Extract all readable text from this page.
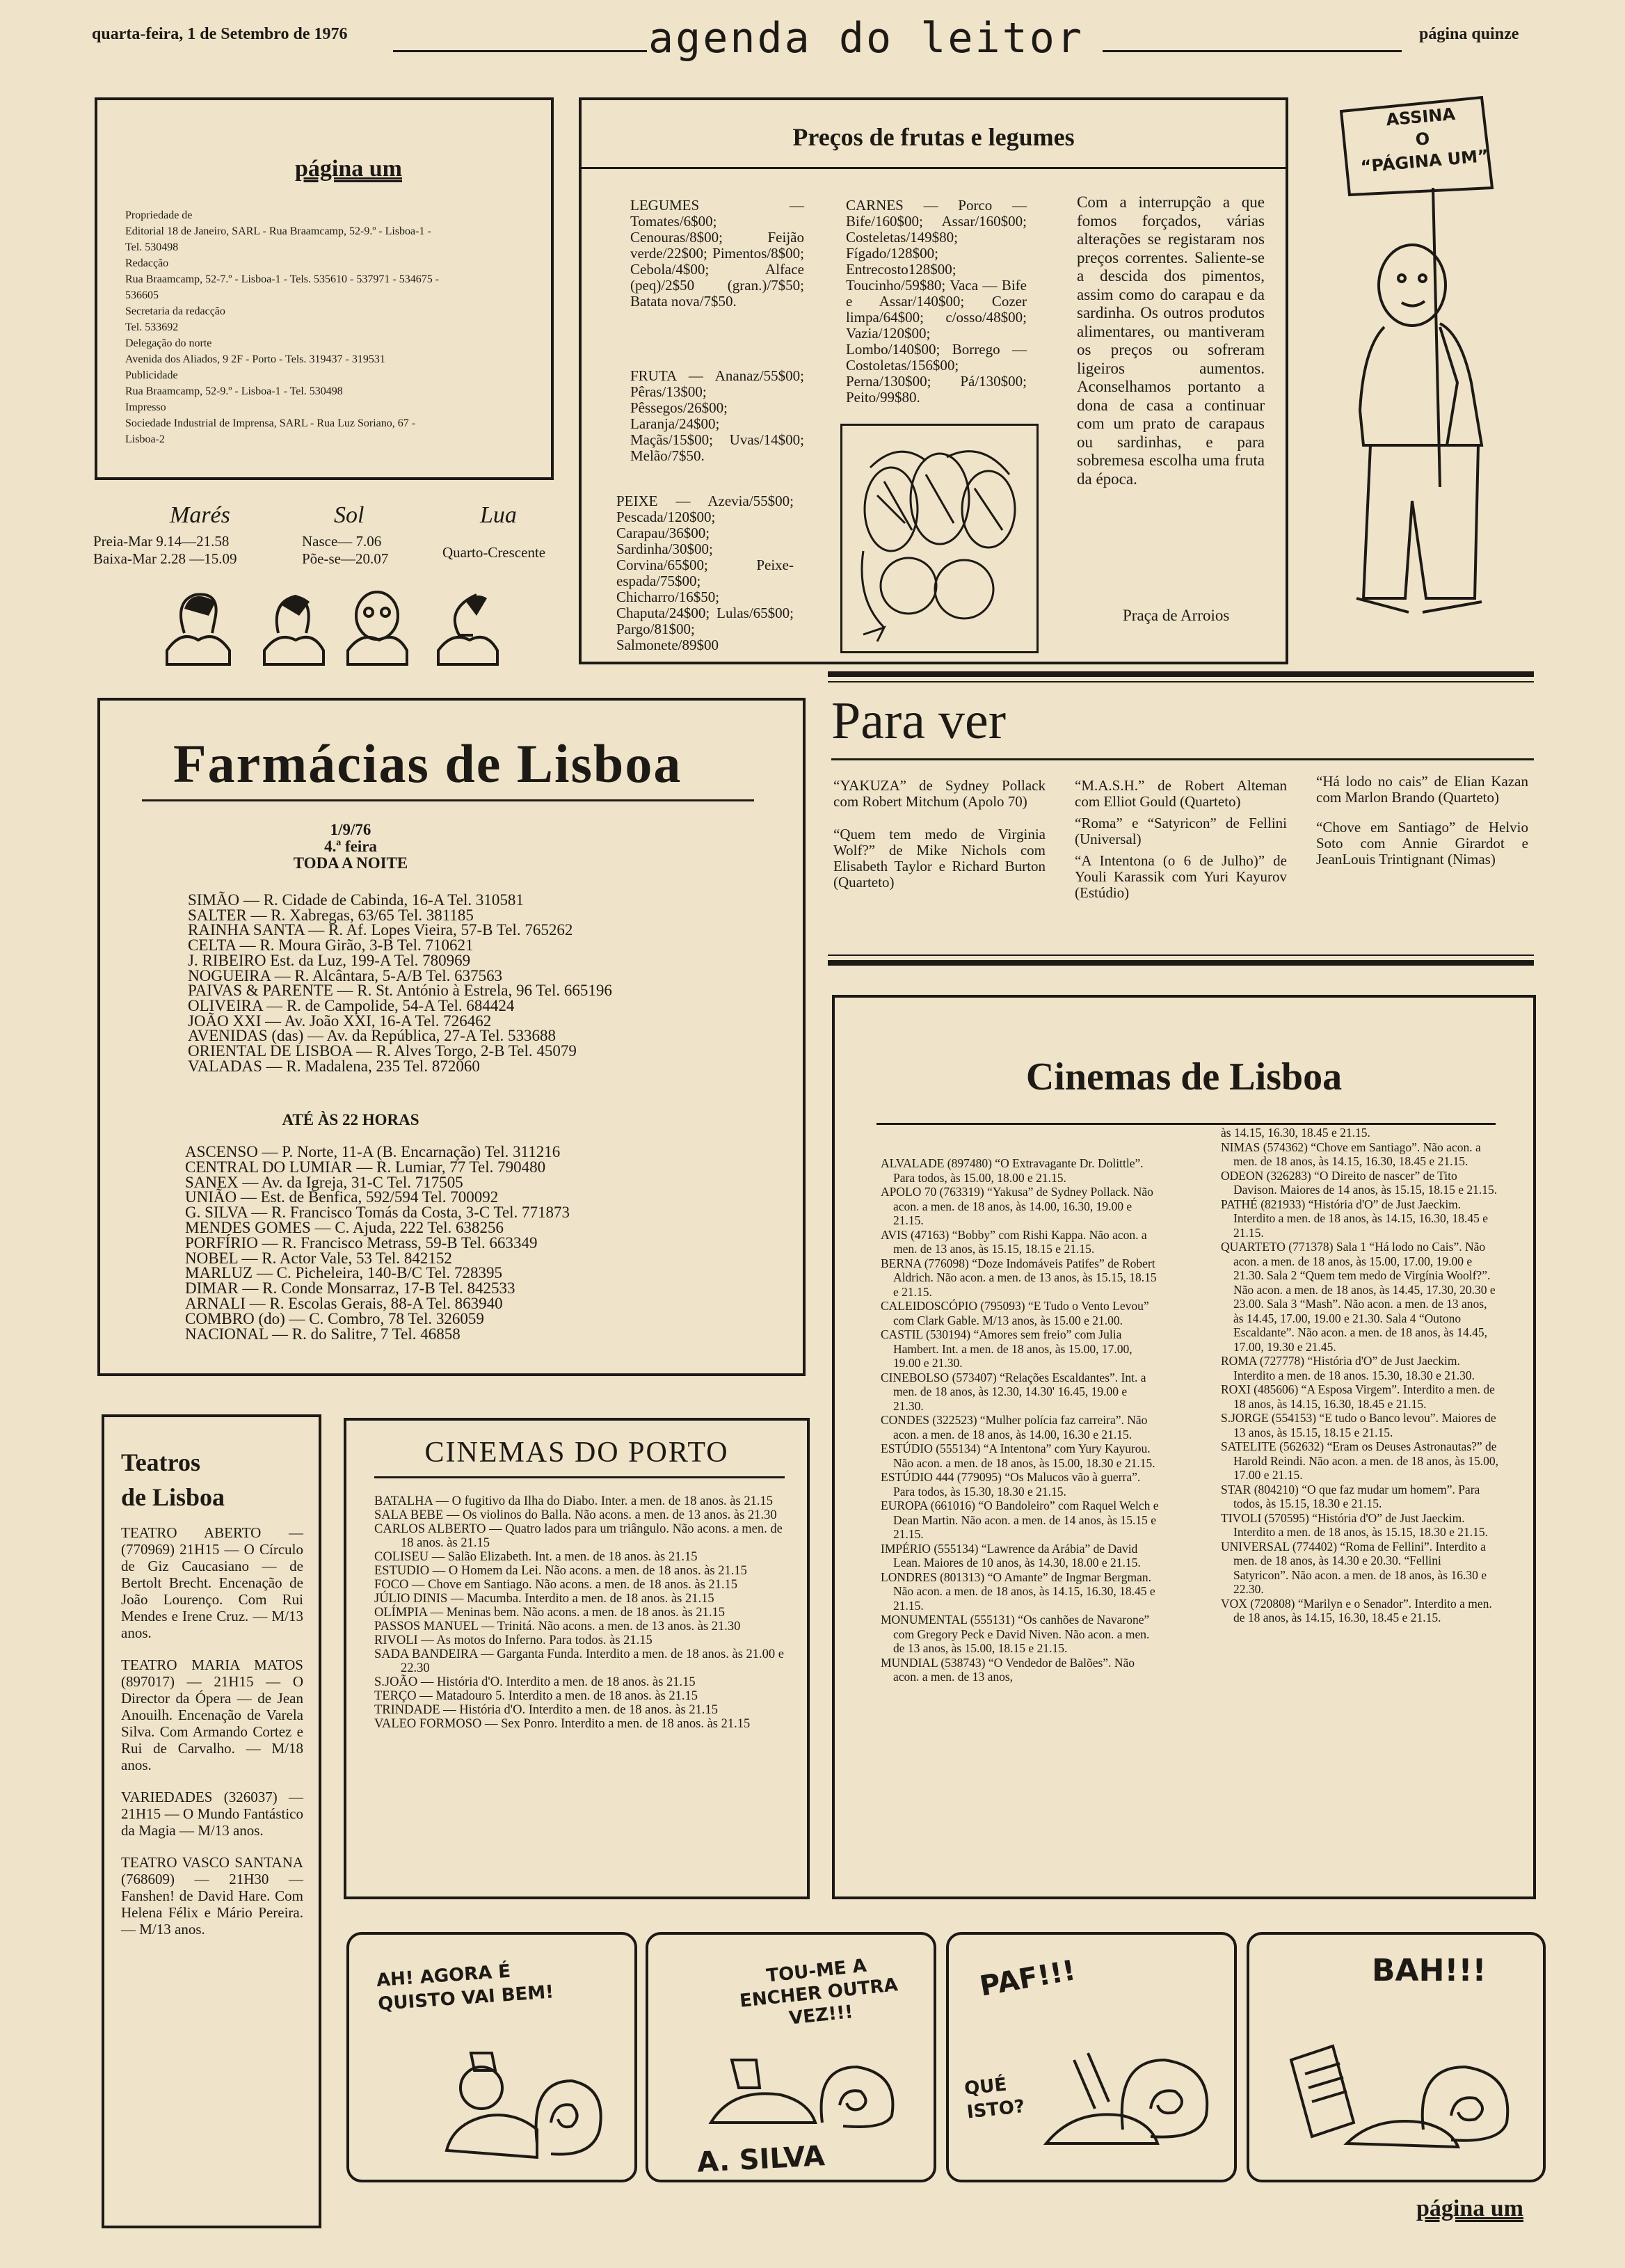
quarta-feira, 1 de Setembro de 1976	agenda do leitor	página quinze
página um

Propriedade de

Editorial 18 de Janeiro, SARL - Rua Braamcamp, 52-9.º - Lisboa-1 -

Tel. 530498

Redacção

Rua Braamcamp, 52-7.º - Lisboa-1 - Tels. 535610 - 537971 - 534675 -

536605

Secretaria da redacção

Tel. 533692

Delegação do norte

Avenida dos Aliados, 9 2F - Porto - Tels. 319437 - 319531

Publicidade

Rua Braamcamp, 52-9.º - Lisboa-1 - Tel. 530498

Impresso

Sociedade Industrial de Imprensa, SARL - Rua Luz Soriano, 67 -

Lisboa-2

Marés	Sol	Lua
Preia-Mar 9.14—21.58
Baixa-Mar 2.28 —15.09
Nasce— 7.06
Põe-se—20.07	Quarto-Crescente
Preços de frutas e legumes
LEGUMES — Tomates/6$00; Cenouras/8$00; Feijão verde/22$00; Pimentos/8$00; Cebola/4$00; Alface (peq)/2$50 (gran.)/7$50; Batata nova/7$50.
FRUTA — Ananaz/55$00; Pêras/13$00; Pêssegos/26$00; Laranja/24$00; Maçãs/15$00; Uvas/14$00; Melão/7$50.
PEIXE — Azevia/55$00; Pescada/120$00; Carapau/36$00; Sardinha/30$00; Corvina/65$00; Peixe-espada/75$00; Chicharro/16$50; Chaputa/24$00; Lulas/65$00; Pargo/81$00; Salmonete/89$00
CARNES — Porco — Bife/160$00; Assar/160$00; Costeletas/149$80; Fígado/128$00; Entrecosto128$00; Toucinho/59$80; Vaca — Bife e Assar/140$00; Cozer limpa/64$00; c/osso/48$00; Vazia/120$00; Lombo/140$00; Borrego — Costoletas/156$00; Perna/130$00; Pá/130$00; Peito/99$80.
Com a interrupção a que fomos forçados, várias alterações se registaram nos preços correntes. Saliente-se a descida dos pimentos, assim como do carapau e da sardinha. Os outros produtos alimentares, ou mantiveram os preços ou sofreram ligeiros aumentos. Aconselhamos portanto a dona de casa a continuar com um prato de carapaus ou sardinhas, e para sobremesa escolha uma fruta da época.
Praça de Arroios
ASSINA
O
“PÁGINA UM”
Farmácias de Lisboa
1/9/76
4.ª feira
TODA A NOITE

SIMÃO — R. Cidade de Cabinda, 16-A Tel. 310581

SALTER — R. Xabregas, 63/65 Tel. 381185

RAINHA SANTA — R. Af. Lopes Vieira, 57-B Tel. 765262

CELTA — R. Moura Girão, 3-B Tel. 710621

J. RIBEIRO Est. da Luz, 199-A Tel. 780969

NOGUEIRA — R. Alcântara, 5-A/B Tel. 637563

PAIVAS & PARENTE — R. St. António à Estrela, 96 Tel. 665196

OLIVEIRA — R. de Campolide, 54-A Tel. 684424

JOÃO XXI — Av. João XXI, 16-A Tel. 726462

AVENIDAS (das) — Av. da República, 27-A Tel. 533688

ORIENTAL DE LISBOA — R. Alves Torgo, 2-B Tel. 45079

VALADAS — R. Madalena, 235 Tel. 872060

ATÉ ÀS 22 HORAS

ASCENSO — P. Norte, 11-A (B. Encarnação) Tel. 311216

CENTRAL DO LUMIAR — R. Lumiar, 77 Tel. 790480

SANEX — Av. da Igreja, 31-C Tel. 717505

UNIÃO — Est. de Benfica, 592/594 Tel. 700092

G. SILVA — R. Francisco Tomás da Costa, 3-C Tel. 771873

MENDES GOMES — C. Ajuda, 222 Tel. 638256

PORFÍRIO — R. Francisco Metrass, 59-B Tel. 663349

NOBEL — R. Actor Vale, 53 Tel. 842152

MARLUZ — C. Picheleira, 140-B/C Tel. 728395

DIMAR — R. Conde Monsarraz, 17-B Tel. 842533

ARNALI — R. Escolas Gerais, 88-A Tel. 863940

COMBRO (do) — C. Combro, 78 Tel. 326059

NACIONAL — R. do Salitre, 7 Tel. 46858

Para ver

“YAKUZA” de Sydney Pollack com Robert Mitchum (Apolo 70)

“Quem tem medo de Virginia Wolf?” de Mike Nichols com Elisabeth Taylor e Richard Burton (Quarteto)

“M.A.S.H.” de Robert Alteman com Elliot Gould (Quarteto)

“Roma” e “Satyricon” de Fellini (Universal)

“A Intentona (o 6 de Julho)” de Youli Karassik com Yuri Kayurov (Estúdio)

“Há lodo no cais” de Elian Kazan com Marlon Brando (Quarteto)

“Chove em Santiago” de Helvio Soto com Annie Girardot e JeanLouis Trintignant (Nimas)

Cinemas de Lisboa

ALVALADE (897480) “O Extravagante Dr. Dolittle”. Para todos, às 15.00, 18.00 e 21.15.

APOLO 70 (763319) “Yakusa” de Sydney Pollack. Não acon. a men. de 18 anos, às 14.00, 16.30, 19.00 e 21.15.

AVIS (47163) “Bobby” com Rishi Kappa. Não acon. a men. de 13 anos, às 15.15, 18.15 e 21.15.

BERNA (776098) “Doze Indomáveis Patifes” de Robert Aldrich. Não acon. a men. de 13 anos, às 15.15, 18.15 e 21.15.

CALEIDOSCÓPIO (795093) “E Tudo o Vento Levou” com Clark Gable. M/13 anos, às 15.00 e 21.00.

CASTIL (530194) “Amores sem freio” com Julia Hambert. Int. a men. de 18 anos, às 15.00, 17.00, 19.00 e 21.30.

CINEBOLSO (573407) “Relações Escaldantes”. Int. a men. de 18 anos, às 12.30, 14.30' 16.45, 19.00 e 21.30.

CONDES (322523) “Mulher polícia faz carreira”. Não acon. a men. de 18 anos, às 14.00, 16.30 e 21.15.

ESTÚDIO (555134) “A Intentona” com Yury Kayurou. Não acon. a men. de 18 anos, às 15.00, 18.30 e 21.15.

ESTÚDIO 444 (779095) “Os Malucos vão à guerra”. Para todos, às 15.30, 18.30 e 21.15.

EUROPA (661016) “O Bandoleiro” com Raquel Welch e Dean Martin. Não acon. a men. de 14 anos, às 15.15 e 21.15.

IMPÉRIO (555134) “Lawrence da Arábia” de David Lean. Maiores de 10 anos, às 14.30, 18.00 e 21.15.

LONDRES (801313) “O Amante” de Ingmar Bergman. Não acon. a men. de 18 anos, às 14.15, 16.30, 18.45 e 21.15.

MONUMENTAL (555131) “Os canhões de Navarone” com Gregory Peck e David Niven. Não acon. a men. de 13 anos, às 15.00, 18.15 e 21.15.

MUNDIAL (538743) “O Vendedor de Balões”. Não acon. a men. de 13 anos,

às 14.15, 16.30, 18.45 e 21.15.

NIMAS (574362) “Chove em Santiago”. Não acon. a men. de 18 anos, às 14.15, 16.30, 18.45 e 21.15.

ODEON (326283) “O Direito de nascer” de Tito Davison. Maiores de 14 anos, às 15.15, 18.15 e 21.15.

PATHÉ (821933) “História d'O” de Just Jaeckim. Interdito a men. de 18 anos, às 14.15, 16.30, 18.45 e 21.15.

QUARTETO (771378) Sala 1 “Há lodo no Cais”. Não acon. a men. de 18 anos, às 15.00, 17.00, 19.00 e 21.30. Sala 2 “Quem tem medo de Virgínia Woolf?”. Não acon. a men. de 18 anos, às 14.45, 17.30, 20.30 e 23.00. Sala 3 “Mash”. Não acon. a men. de 13 anos, às 14.45, 17.00, 19.00 e 21.30. Sala 4 “Outono Escaldante”. Não acon. a men. de 18 anos, às 14.45, 17.00, 19.30 e 21.45.

ROMA (727778) “História d'O” de Just Jaeckim. Interdito a men. de 18 anos. 15.30, 18.30 e 21.30.

ROXI (485606) “A Esposa Virgem”. Interdito a men. de 18 anos, às 14.15, 16.30, 18.45 e 21.15.

S.JORGE (554153) “E tudo o Banco levou”. Maiores de 13 anos, às 15.15, 18.15 e 21.15.

SATELITE (562632) “Eram os Deuses Astronautas?” de Harold Reindi. Não acon. a men. de 18 anos, às 15.00, 17.00 e 21.15.

STAR (804210) “O que faz mudar um homem”. Para todos, às 15.15, 18.30 e 21.15.

TIVOLI (570595) “História d'O” de Just Jaeckim. Interdito a men. de 18 anos, às 15.15, 18.30 e 21.15.

UNIVERSAL (774402) “Roma de Fellini”. Interdito a men. de 18 anos, às 14.30 e 20.30. “Fellini Satyricon”. Não acon. a men. de 18 anos, às 16.30 e 22.30.

VOX (720808) “Marilyn e o Senador”. Interdito a men. de 18 anos, às 14.15, 16.30, 18.45 e 21.15.

Teatros
de Lisboa

TEATRO ABERTO — (770969) 21H15 — O Círculo de Giz Caucasiano — de Bertolt Brecht. Encenação de João Lourenço. Com Rui Mendes e Irene Cruz. — M/13 anos.

TEATRO MARIA MATOS (897017) — 21H15 — O Director da Ópera — de Jean Anouilh. Encenação de Varela Silva. Com Armando Cortez e Rui de Carvalho. — M/18 anos.

VARIEDADES (326037) — 21H15 — O Mundo Fantástico da Magia — M/13 anos.

TEATRO VASCO SANTANA (768609) — 21H30 — Fanshen! de David Hare. Com Helena Félix e Mário Pereira. — M/13 anos.

CINEMAS DO PORTO

BATALHA — O fugitivo da Ilha do Diabo. Inter. a men. de 18 anos. às 21.15

SALA BEBE — Os violinos do Balla. Não acons. a men. de 13 anos. às 21.30

CARLOS ALBERTO — Quatro lados para um triângulo. Não acons. a men. de 18 anos. às 21.15

COLISEU — Salão Elizabeth. Int. a men. de 18 anos. às 21.15

ESTUDIO — O Homem da Lei. Não acons. a men. de 18 anos. às 21.15

FOCO — Chove em Santiago. Não acons. a men. de 18 anos. às 21.15

JÚLIO DINIS — Macumba. Interdito a men. de 18 anos. às 21.15

OLÍMPIA — Meninas bem. Não acons. a men. de 18 anos. às 21.15

PASSOS MANUEL — Trinitá. Não acons. a men. de 13 anos. às 21.30

RIVOLI — As motos do Inferno. Para todos. às 21.15

SADA BANDEIRA — Garganta Funda. Interdito a men. de 18 anos. às 21.00 e 22.30

S.JOÃO — História d'O. Interdito a men. de 18 anos. às 21.15

TERÇO — Matadouro 5. Interdito a men. de 18 anos. às 21.15

TRINDADE — História d'O. Interdito a men. de 18 anos. às 21.15

VALEO FORMOSO — Sex Ponro. Interdito a men. de 18 anos. às 21.15

AH! AGORA É QUISTO VAI BEM!
TOU-ME A ENCHER OUTRA VEZ!!!
A. SILVA
PAF!!!
QUÉ ISTO?
BAH!!!
página um
